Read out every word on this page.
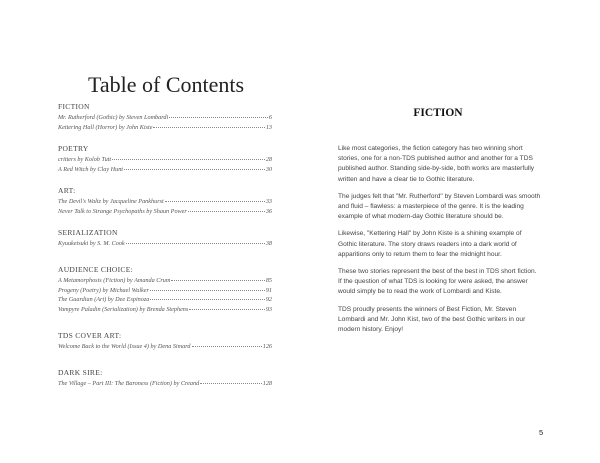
Table of Contents
FICTION
Mr. Rutherford (Gothic) by Steven Lombardi	6
Kettering Hall (Horror) by John Kiste	13
POETRY
critters by Kolob Tutt	28
A Red Witch by Clay Hunt	30
ART:
The Devil's Waltz by Jacqueline Pankhurst	33
Never Talk to Strange Psychopaths by Shaun Power	36
SERIALIZATION
Kyuuketsuki by S. M. Cook	38
AUDIENCE CHOICE:
A Metamorphosis (Fiction) by Amanda Crum	85
Progeny (Poetry) by Michael Walker	91
The Guardian (Art) by Dee Espinoza	92
Vampyre Paladin (Serialization) by Brenda Stephens	93
TDS COVER ART:
Welcome Back to the World (Issue 4) by Dena Simard	126
DARK SIRE:
The Village – Part III: The Baroness (Fiction) by Creand	128
FICTION

Like most categories, the fiction category has two winning short stories, one for a non-TDS published author and another for a TDS published author. Standing side-by-side, both works are masterfully written and have a clear tie to Gothic literature.

The judges felt that "Mr. Rutherford" by Steven Lombardi was smooth and fluid – flawless: a masterpiece of the genre. It is the leading example of what modern-day Gothic literature should be.

Likewise, "Kettering Hall" by John Kiste is a shining example of Gothic literature. The story draws readers into a dark world of apparitions only to return them to fear the midnight hour.

These two stories represent the best of the best in TDS short fiction. If the question of what TDS is looking for were asked, the answer would simply be to read the work of Lombardi and Kiste.

TDS proudly presents the winners of Best Fiction, Mr. Steven Lombardi and Mr. John Kist, two of the best Gothic writers in our modern history. Enjoy!

5
